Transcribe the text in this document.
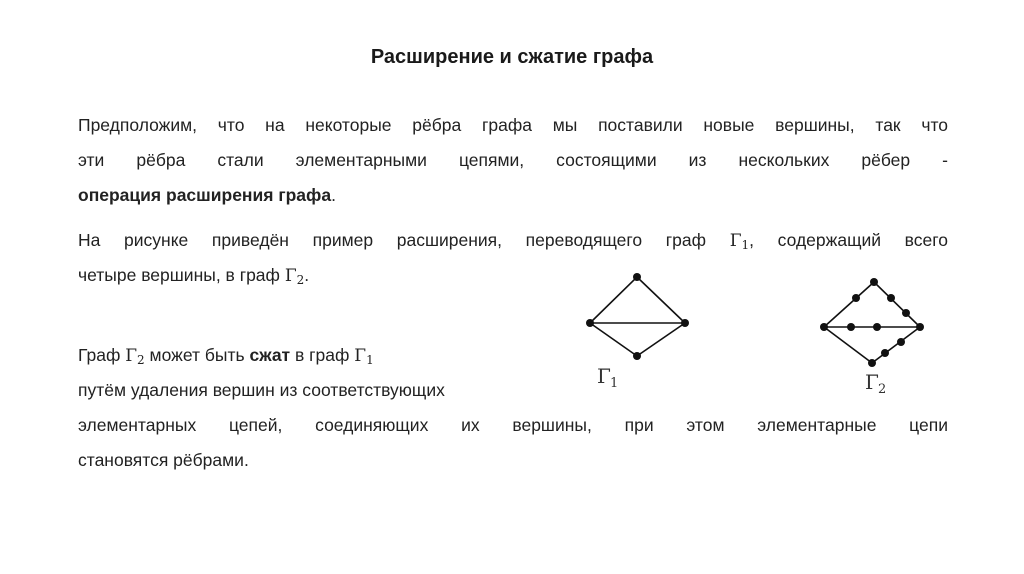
Расширение и сжатие графа
Предположим, что на некоторые рёбра графа мы поставили новые вершины, так что
эти рёбра стали элементарными цепями, состоящими из нескольких рёбер -
операция расширения графа.
На рисунке приведён пример расширения, переводящего граф $\Gamma_1$, содержащий всего
четыре вершины, в граф $\Gamma_2$.
Граф $\Gamma_2$ может быть сжат в граф $\Gamma_1$
путём удаления вершин из соответствующих
элементарных цепей, соединяющих их вершины, при этом элементарные цепи
становятся рёбрами.
Γ 1	Γ 2
